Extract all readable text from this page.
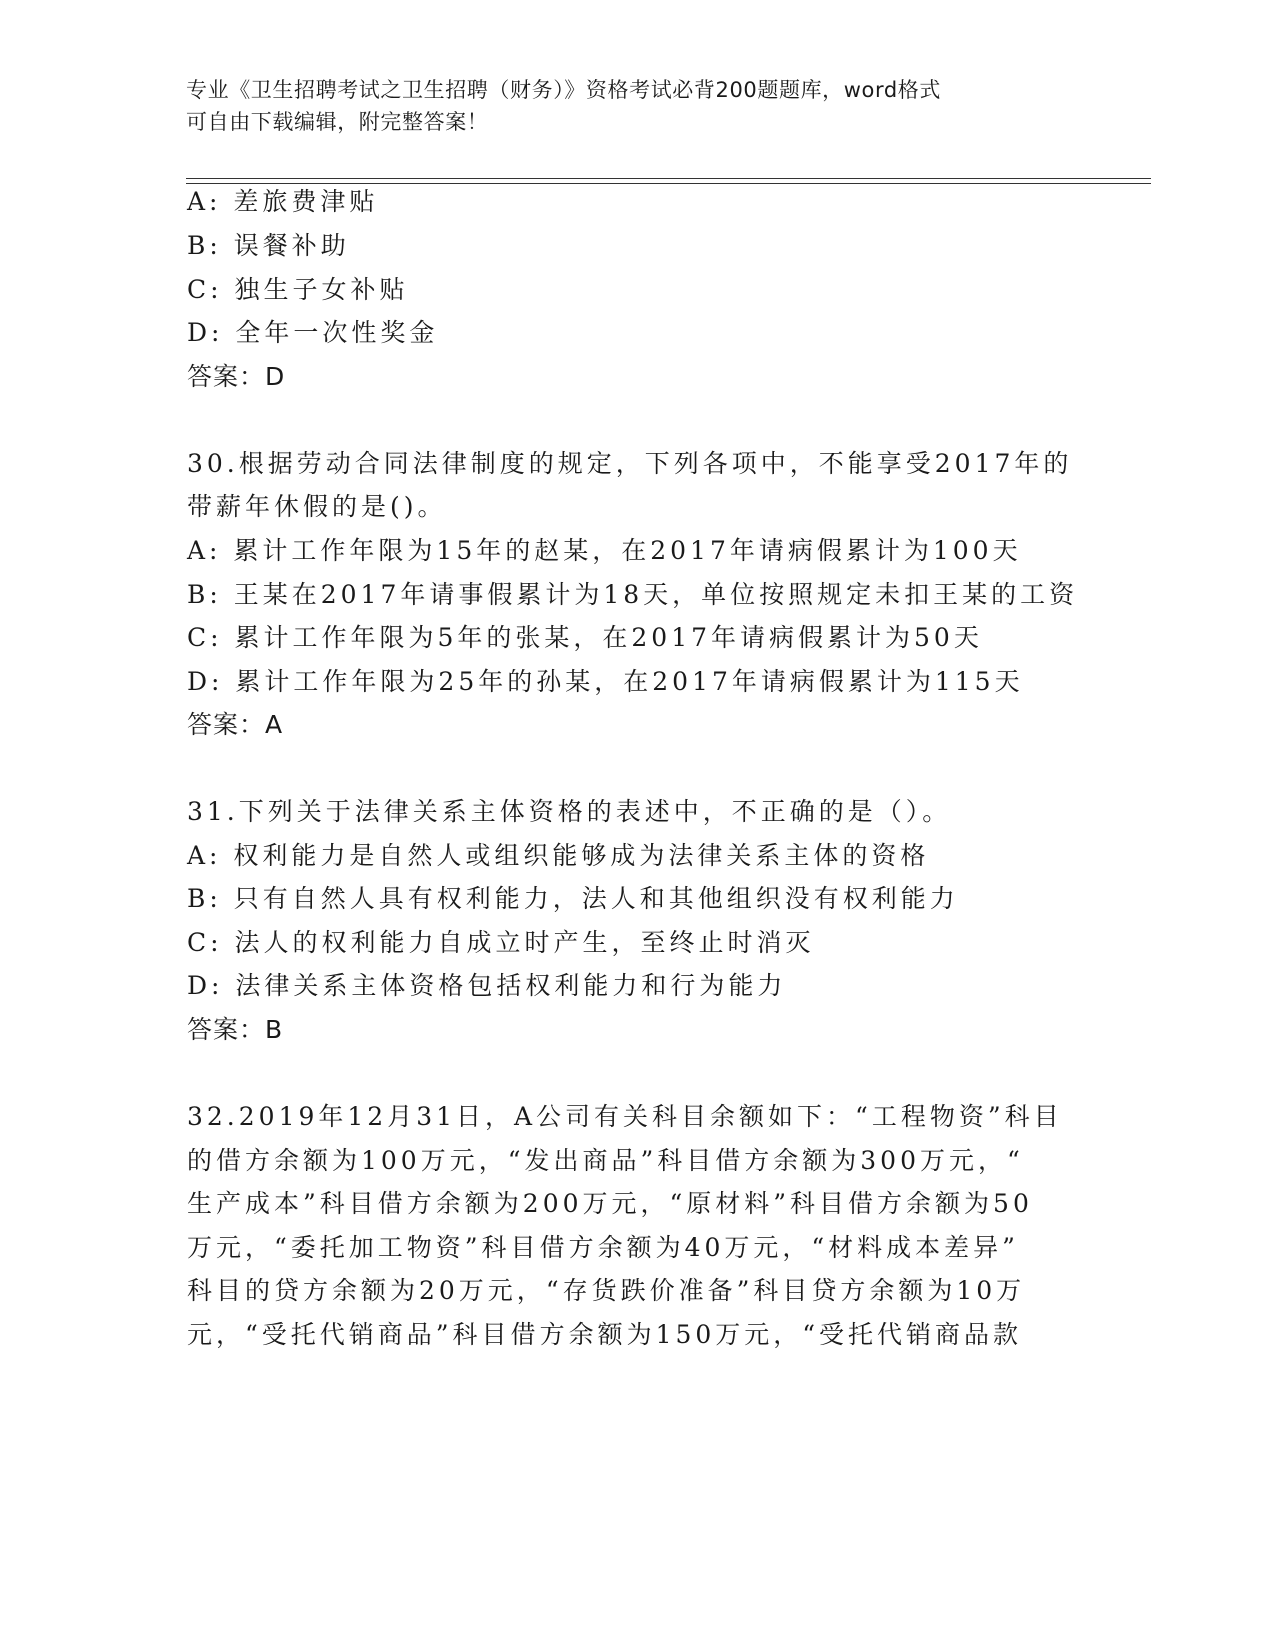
专业《卫生招聘考试之卫生招聘（财务）》资格考试必背200题题库，word格式
可自由下载编辑，附完整答案！
A: 差旅费津贴
B: 误餐补助
C: 独生子女补贴
D: 全年一次性奖金
答案：D
30.根据劳动合同法律制度的规定，下列各项中，不能享受2017年的
带薪年休假的是()。
A: 累计工作年限为15年的赵某，在2017年请病假累计为100天
B: 王某在2017年请事假累计为18天，单位按照规定未扣王某的工资
C: 累计工作年限为5年的张某，在2017年请病假累计为50天
D: 累计工作年限为25年的孙某，在2017年请病假累计为115天
答案：A
31.下列关于法律关系主体资格的表述中，不正确的是（）。
A: 权利能力是自然人或组织能够成为法律关系主体的资格
B: 只有自然人具有权利能力，法人和其他组织没有权利能力
C: 法人的权利能力自成立时产生，至终止时消灭
D: 法律关系主体资格包括权利能力和行为能力
答案：B
32.2019年12月31日，A公司有关科目余额如下：“工程物资”科目
的借方余额为100万元，“发出商品”科目借方余额为300万元，“
生产成本”科目借方余额为200万元，“原材料”科目借方余额为50
万元，“委托加工物资”科目借方余额为40万元，“材料成本差异”
科目的贷方余额为20万元，“存货跌价准备”科目贷方余额为10万
元，“受托代销商品”科目借方余额为150万元，“受托代销商品款
